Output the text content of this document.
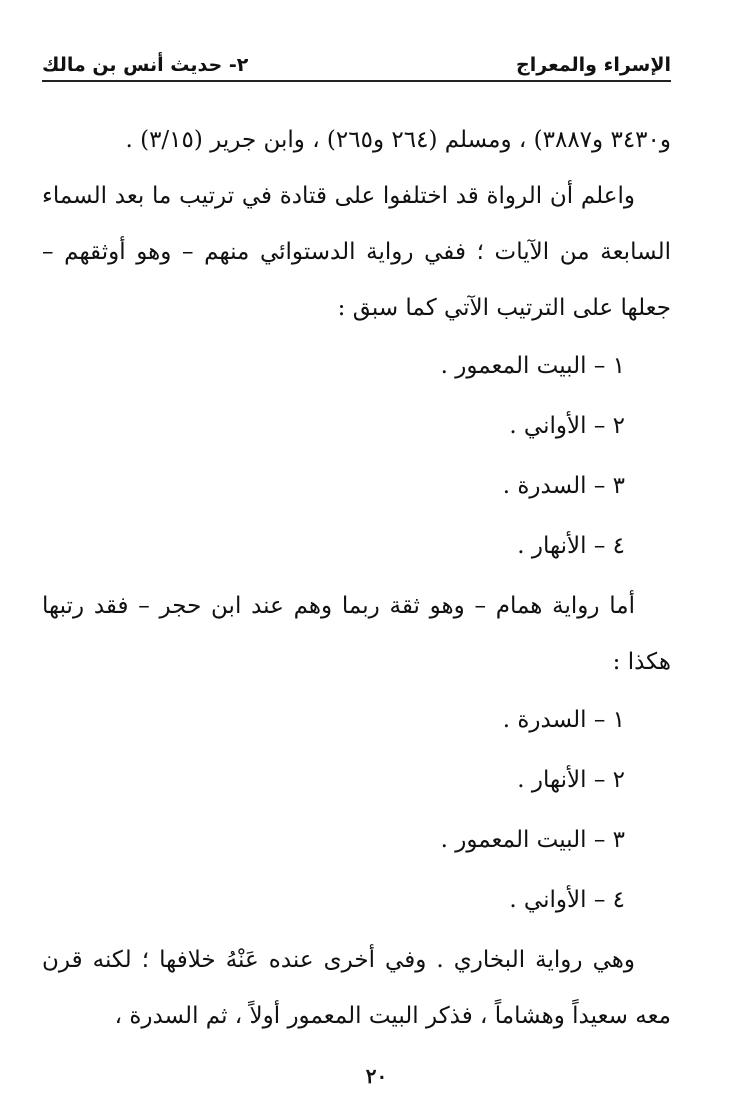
الإسراء والمعراج
٢- حديث أنس بن مالك

و٣٤٣٠ و٣٨٨٧) ، ومسلم (٢٦٤ و٢٦٥) ، وابن جرير (٣/١٥) .

واعلم أن الرواة قد اختلفوا على قتادة في ترتيب ما بعد السماء السابعة من الآيات ؛ ففي رواية الدستوائي منهم – وهو أوثقهم – جعلها على الترتيب الآتي كما سبق :

١ – البيت المعمور .

٢ – الأواني .

٣ – السدرة .

٤ – الأنهار .

أما رواية همام – وهو ثقة ربما وهم عند ابن حجر – فقد رتبها هكذا :

١ – السدرة .

٢ – الأنهار .

٣ – البيت المعمور .

٤ – الأواني .

وهي رواية البخاري . وفي أخرى عنده عَنْهُ خلافها ؛ لكنه قرن معه سعيداً وهشاماً ، فذكر البيت المعمور أولاً ، ثم السدرة ،

٢٠
